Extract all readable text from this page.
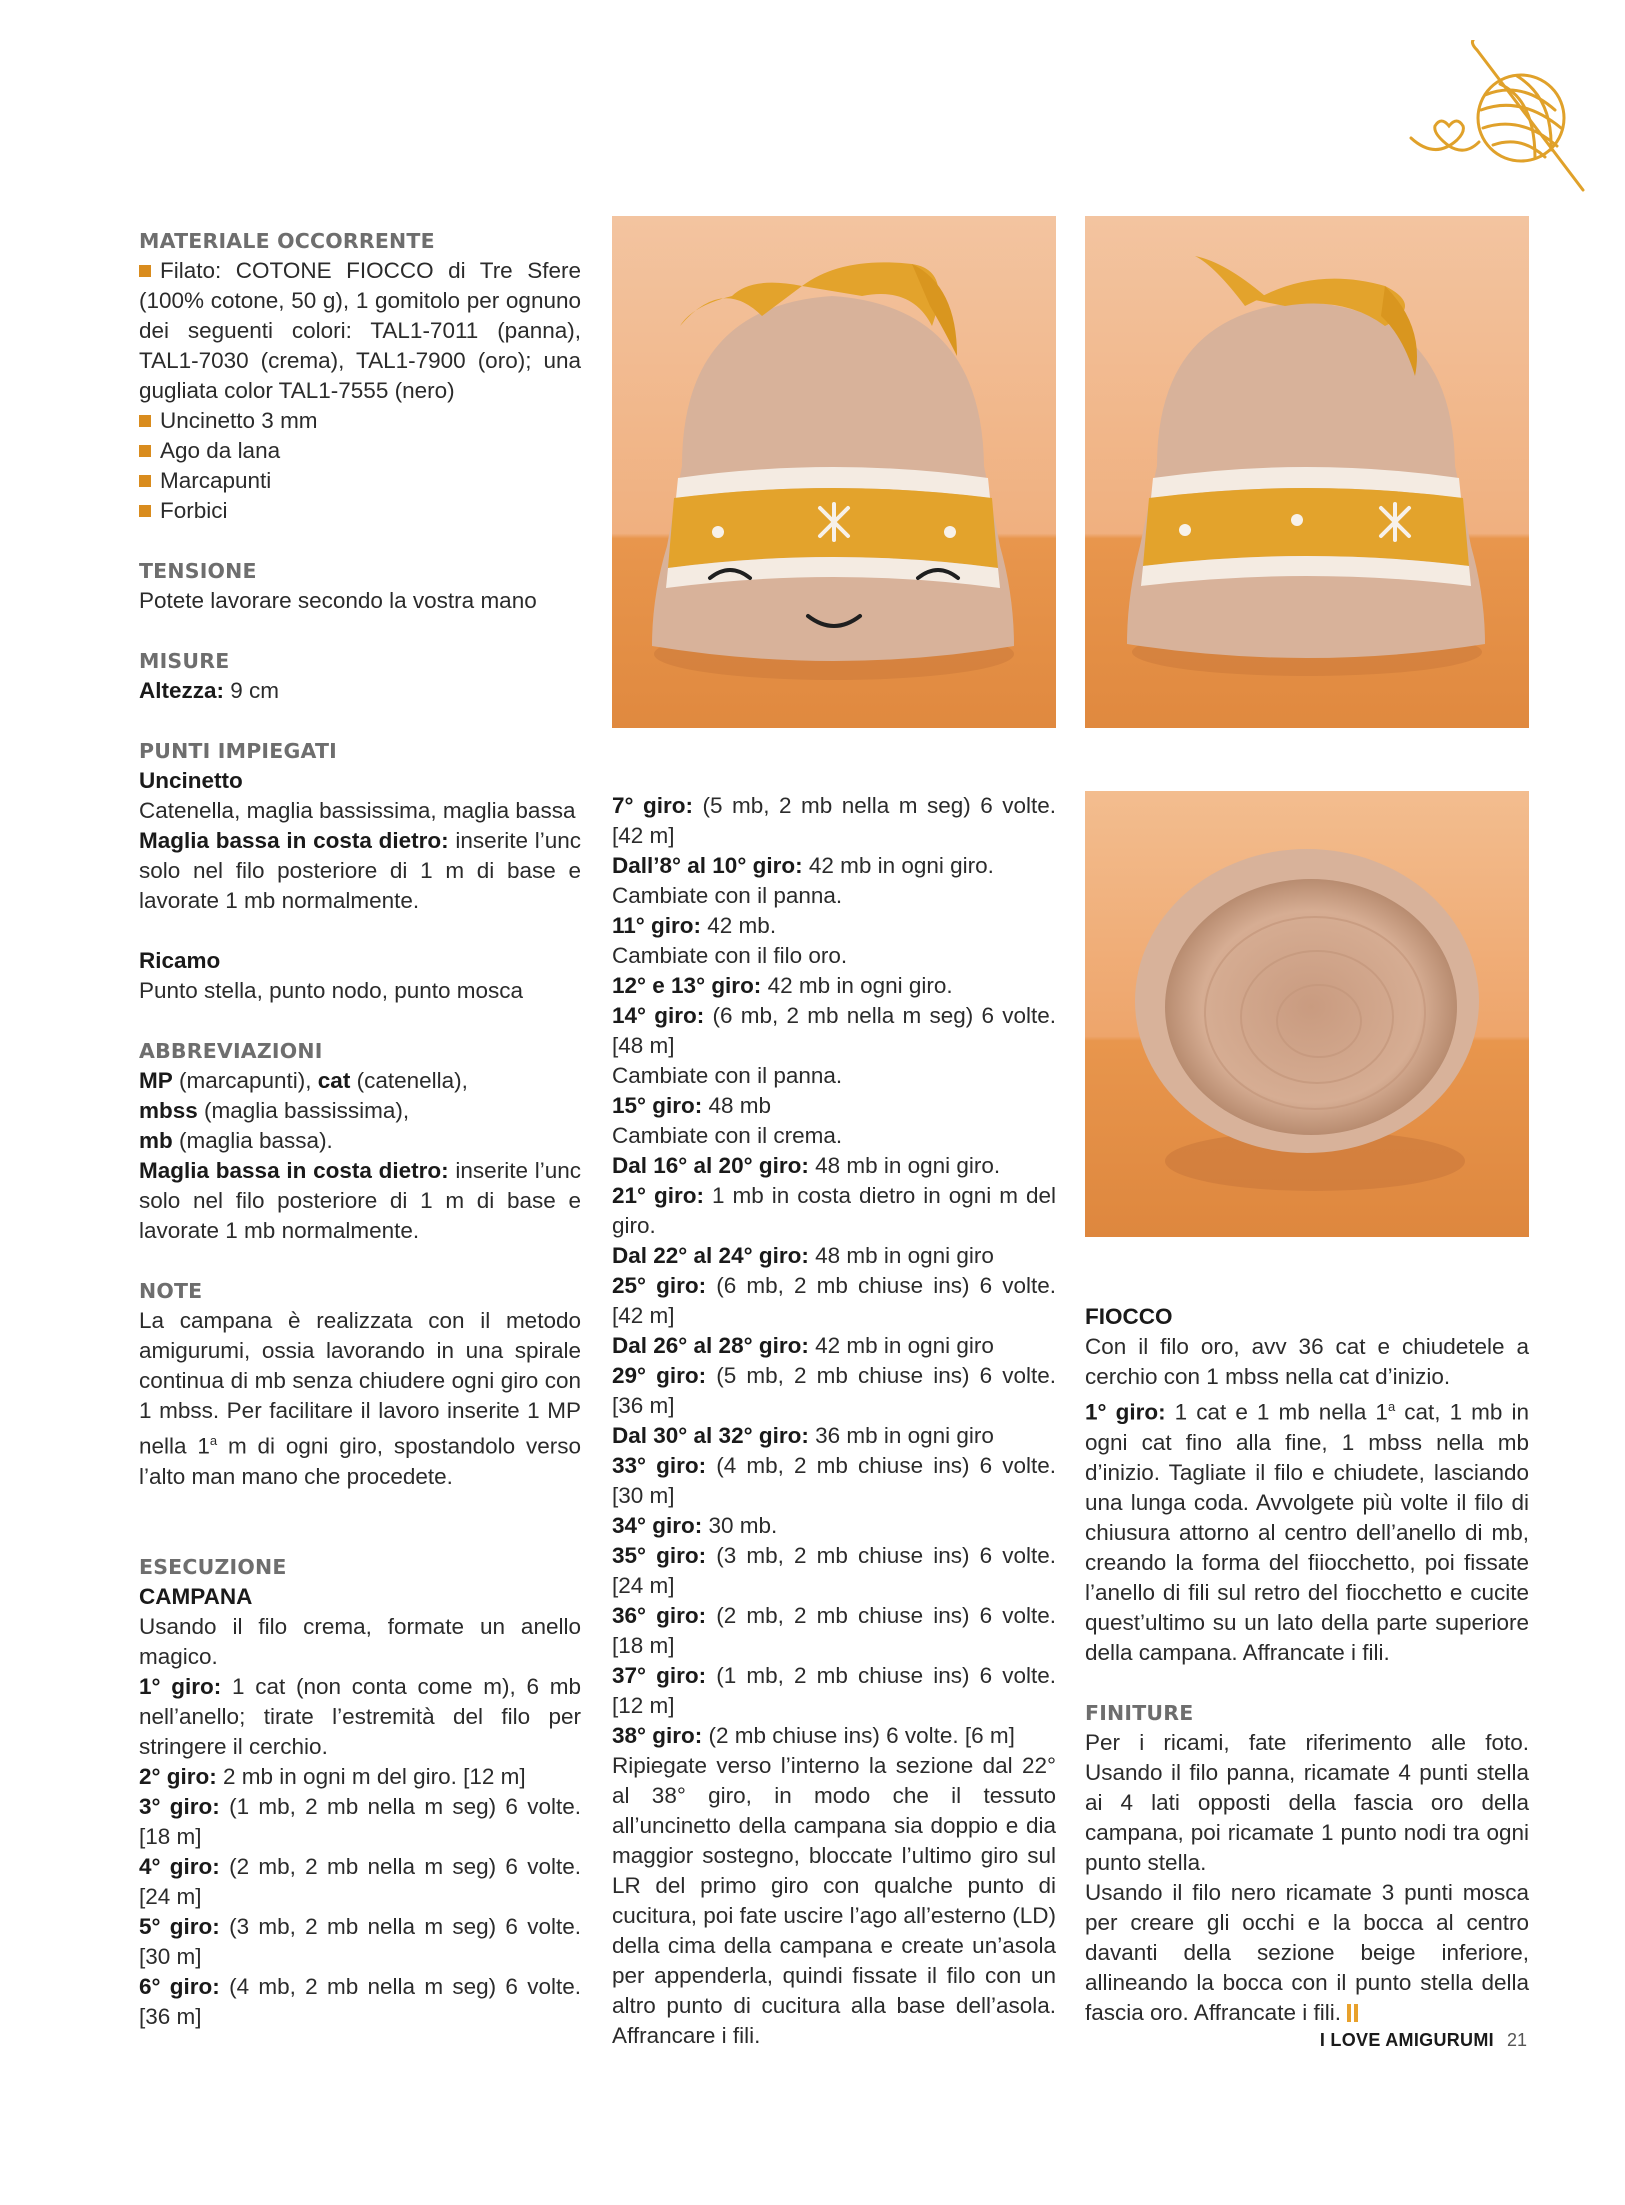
MATERIALE OCCORRENTE

Filato: COTONE FIOCCO di Tre Sfere (100% cotone, 50 g), 1 gomitolo per ognuno dei seguenti colori: TAL1-7011 (panna), TAL1-7030 (crema), TAL1-7900 (oro); una gugliata color TAL1-7555 (nero)

Uncinetto 3 mm

Ago da lana

Marcapunti

Forbici

TENSIONE

Potete lavorare secondo la vostra mano

MISURE

Altezza: 9 cm

PUNTI IMPIEGATI

Uncinetto

Catenella, maglia bassissima, maglia bassa

Maglia bassa in costa dietro: inserite l’unc solo nel filo posteriore di 1 m di base e lavorate 1 mb normalmente.

Ricamo

Punto stella, punto nodo, punto mosca

ABBREVIAZIONI

MP (marcapunti), cat (catenella),

mbss (maglia bassissima),

mb (maglia bassa).

Maglia bassa in costa dietro: inserite l’unc solo nel filo posteriore di 1 m di base e lavorate 1 mb normalmente.

NOTE

La campana è realizzata con il metodo amigurumi, ossia lavorando in una spirale continua di mb senza chiudere ogni giro con 1 mbss. Per facilitare il lavoro inserite 1 MP nella 1$^a$ m di ogni giro, spostandolo verso l’alto man mano che procedete.

ESECUZIONE

CAMPANA

Usando il filo crema, formate un anello magico.

1° giro: 1 cat (non conta come m), 6 mb nell’anello; tirate l’estremità del filo per stringere il cerchio.

2° giro: 2 mb in ogni m del giro. [12 m]

3° giro: (1 mb, 2 mb nella m seg) 6 volte. [18 m]

4° giro: (2 mb, 2 mb nella m seg) 6 volte. [24 m]

5° giro: (3 mb, 2 mb nella m seg) 6 volte. [30 m]

6° giro: (4 mb, 2 mb nella m seg) 6 volte. [36 m]

7° giro: (5 mb, 2 mb nella m seg) 6 volte. [42 m]

Dall’8° al 10° giro: 42 mb in ogni giro.

Cambiate con il panna.

11° giro: 42 mb.

Cambiate con il filo oro.

12° e 13° giro: 42 mb in ogni giro.

14° giro: (6 mb, 2 mb nella m seg) 6 volte. [48 m]

Cambiate con il panna.

15° giro: 48 mb

Cambiate con il crema.

Dal 16° al 20° giro: 48 mb in ogni giro.

21° giro: 1 mb in costa dietro in ogni m del giro.

Dal 22° al 24° giro: 48 mb in ogni giro

25° giro: (6 mb, 2 mb chiuse ins) 6 volte. [42 m]

Dal 26° al 28° giro: 42 mb in ogni giro

29° giro: (5 mb, 2 mb chiuse ins) 6 volte. [36 m]

Dal 30° al 32° giro: 36 mb in ogni giro

33° giro: (4 mb, 2 mb chiuse ins) 6 volte. [30 m]

34° giro: 30 mb.

35° giro: (3 mb, 2 mb chiuse ins) 6 volte. [24 m]

36° giro: (2 mb, 2 mb chiuse ins) 6 volte. [18 m]

37° giro: (1 mb, 2 mb chiuse ins) 6 volte. [12 m]

38° giro: (2 mb chiuse ins) 6 volte. [6 m]

Ripiegate verso l’interno la sezione dal 22° al 38° giro, in modo che il tessuto all’uncinetto della campana sia doppio e dia maggior sostegno, bloccate l’ultimo giro sul LR del primo giro con qualche punto di cucitura, poi fate uscire l’ago all’esterno (LD) della cima della campana e create un’asola per appenderla, quindi fissate il filo con un altro punto di cucitura alla base dell’asola. Affrancare i fili.

FIOCCO

Con il filo oro, avv 36 cat e chiudetele a cerchio con 1 mbss nella cat d’inizio.

1° giro: 1 cat e 1 mb nella 1$^a$ cat, 1 mb in ogni cat fino alla fine, 1 mbss nella mb d’inizio. Tagliate il filo e chiudete, lasciando una lunga coda. Avvolgete più volte il filo di chiusura attorno al centro dell’anello di mb, creando la forma del fiiocchetto, poi fissate l’anello di fili sul retro del fiocchetto e cucite quest’ultimo su un lato della parte superiore della campana. Affrancate i fili.

FINITURE

Per i ricami, fate riferimento alle foto. Usando il filo panna, ricamate 4 punti stella ai 4 lati opposti della fascia oro della campana, poi ricamate 1 punto nodi tra ogni punto stella.

Usando il filo nero ricamate 3 punti mosca per creare gli occhi e la bocca al centro davanti della sezione beige inferiore, allineando la bocca con il punto stella della fascia oro. Affrancate i fili.

I LOVE AMIGURUMI 21
